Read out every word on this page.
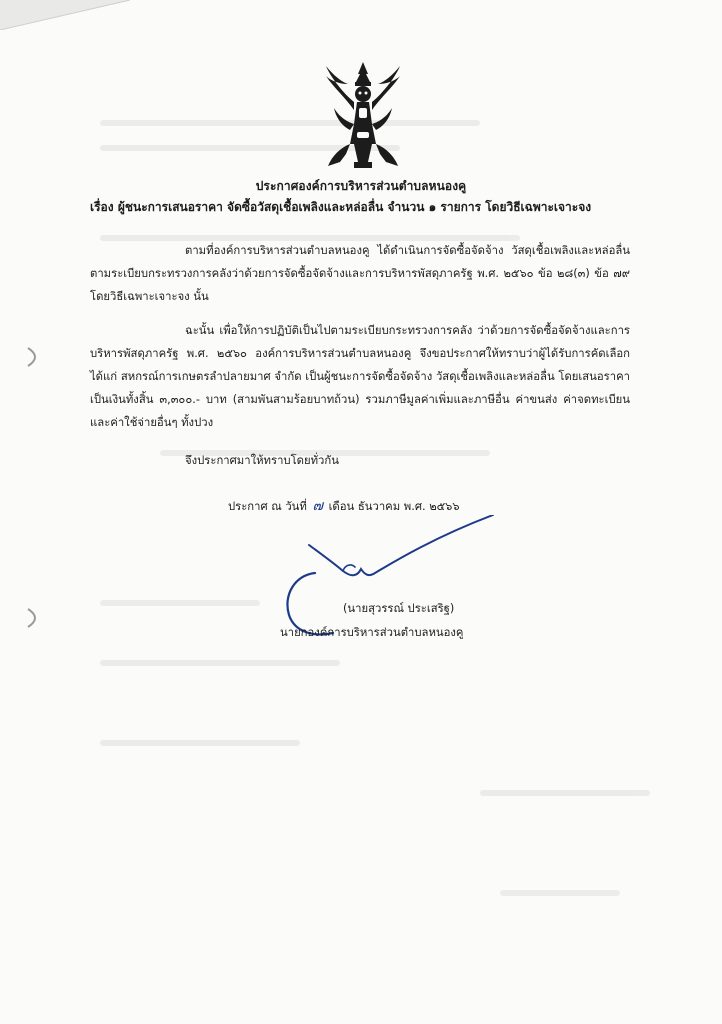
ประกาศองค์การบริหารส่วนตำบลหนองคู
เรื่อง ผู้ชนะการเสนอราคา จัดซื้อวัสดุเชื้อเพลิงและหล่อลื่น จำนวน ๑ รายการ โดยวิธีเฉพาะเจาะจง
ตามที่องค์การบริหารส่วนตำบลหนองคู ได้ดำเนินการจัดซื้อจัดจ้าง วัสดุเชื้อเพลิงและหล่อลื่น ตามระเบียบกระทรวงการคลังว่าด้วยการจัดซื้อจัดจ้างและการบริหารพัสดุภาครัฐ พ.ศ. ๒๕๖๐ ข้อ ๒๘(๓) ข้อ ๗๙ โดยวิธีเฉพาะเจาะจง นั้น
ฉะนั้น เพื่อให้การปฏิบัติเป็นไปตามระเบียบกระทรวงการคลัง ว่าด้วยการจัดซื้อจัดจ้างและการบริหารพัสดุภาครัฐ พ.ศ. ๒๕๖๐ องค์การบริหารส่วนตำบลหนองคู จึงขอประกาศให้ทราบว่าผู้ได้รับการคัดเลือก ได้แก่ สหกรณ์การเกษตรลำปลายมาศ จำกัด เป็นผู้ชนะการจัดซื้อจัดจ้าง วัสดุเชื้อเพลิงและหล่อลื่น โดยเสนอราคา เป็นเงินทั้งสิ้น ๓,๓๐๐.- บาท (สามพันสามร้อยบาทถ้วน) รวมภาษีมูลค่าเพิ่มและภาษีอื่น ค่าขนส่ง ค่าจดทะเบียน และค่าใช้จ่ายอื่นๆ ทั้งปวง
จึงประกาศมาให้ทราบโดยทั่วกัน
ประกาศ ณ วันที่ ๗ เดือน ธันวาคม พ.ศ. ๒๕๖๖
(นายสุวรรณ์ ประเสริฐ)
นายกองค์การบริหารส่วนตำบลหนองคู
